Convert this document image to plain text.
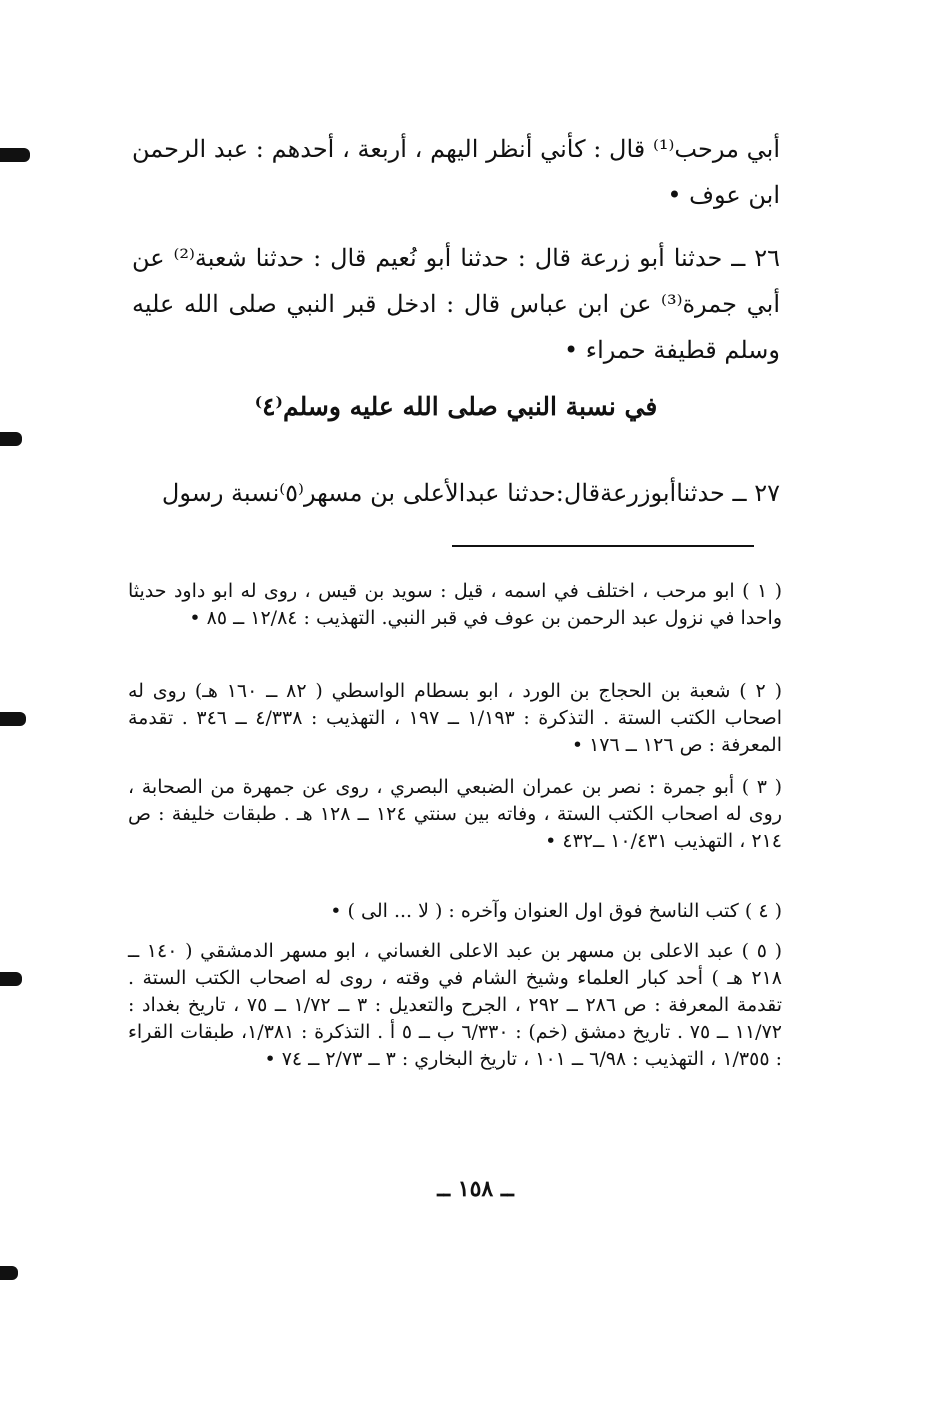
أبي مرحب⁽¹⁾ قال : كأني أنظر اليهم ، أربعة ، أحدهم : عبد الرحمن ابن عوف •
٢٦ ــ حدثنا أبو زرعة قال : حدثنا أبو نُعيم قال : حدثنا شعبة⁽²⁾ عن أبي جمرة⁽³⁾ عن ابن عباس قال : ادخل قبر النبي صلى الله عليه وسلم قطيفة حمراء •
في نسبة النبي صلى الله عليه وسلم⁽٤⁾
٢٧ ــ حدثناأبوزرعةقال:حدثنا عبدالأعلى بن مسهر⁽٥⁾نسبة رسول
( ١ ) ابو مرحب ، اختلف في اسمه ، قيل : سويد بن قيس ، روى له ابو داود حديثا واحدا في نزول عبد الرحمن بن عوف في قبر النبي. التهذيب : ١٢/٨٤ ــ ٨٥ •
( ٢ ) شعبة بن الحجاج بن الورد ، ابو بسطام الواسطي ( ٨٢ ــ ١٦٠ هـ) روى له اصحاب الكتب الستة . التذكرة : ١/١٩٣ ــ ١٩٧ ، التهذيب : ٤/٣٣٨ ــ ٣٤٦ . تقدمة المعرفة : ص ١٢٦ ــ ١٧٦ •
( ٣ ) أبو جمرة : نصر بن عمران الضبعي البصري ، روى عن جمهرة من الصحابة ، روى له اصحاب الكتب الستة ، وفاته بين سنتي ١٢٤ ــ ١٢٨ هـ . طبقات خليفة : ص ٢١٤ ، التهذيب ١٠/٤٣١ ــ٤٣٢ •
( ٤ ) كتب الناسخ فوق اول العنوان وآخره : ( لا ... الى ) •
( ٥ ) عبد الاعلى بن مسهر بن عبد الاعلى الغساني ، ابو مسهر الدمشقي ( ١٤٠ ــ ٢١٨ هـ ) أحد كبار العلماء وشيخ الشام في وقته ، روى له اصحاب الكتب الستة . تقدمة المعرفة : ص ٢٨٦ ــ ٢٩٢ ، الجرح والتعديل : ٣ ــ ١/٧٢ ــ ٧٥ ، تاريخ بغداد : ١١/٧٢ ــ ٧٥ . تاريخ دمشق (خم) : ٦/٣٣٠ ب ــ ٥ أ . التذكرة : ١/٣٨١، طبقات القراء : ١/٣٥٥ ، التهذيب : ٦/٩٨ ــ ١٠١ ، تاريخ البخاري : ٣ ــ ٢/٧٣ ــ ٧٤ •
ــ ١٥٨ ــ
